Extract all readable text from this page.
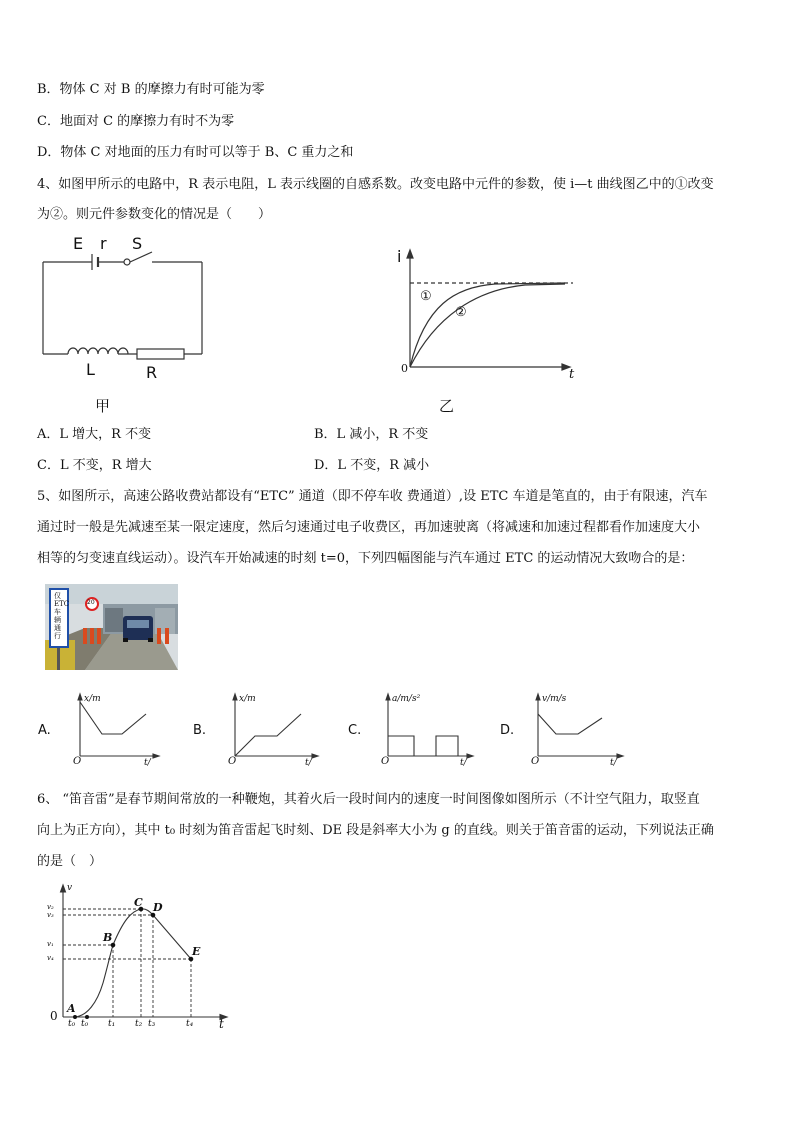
B．物体 C 对 B 的摩擦力有时可能为零
C．地面对 C 的摩擦力有时不为零
D．物体 C 对地面的压力有时可以等于 B、C 重力之和
4、如图甲所示的电路中，R 表示电阻，L 表示线圈的自感系数。改变电路中元件的参数，使 i—t 曲线图乙中的①改变
为②。则元件参数变化的情况是（　　）
E r S
L	R
甲
i
t
0
①
②
乙
A．L 增大，R 不变	B．L 减小，R 不变
C．L 不变，R 增大	D．L 不变，R 减小
5、如图所示，高速公路收费站都设有“ETC” 通道（即不停车收 费通道）,设 ETC 车道是笔直的，由于有限速，汽车
通过时一般是先减速至某一限定速度，然后匀速通过电子收费区，再加速驶离（将减速和加速过程都看作加速度大小
相等的匀变速直线运动）。设汽车开始减速的时刻 t=0，下列四幅图能与汽车通过 ETC 的运动情况大致吻合的是：
仅ETC车辆通行
20
A.
x/m
O	t/
B.
x/m
O	t/
C.
a/m/s²
O	t/
D.
v/m/s
O	t/
6、 “笛音雷”是春节期间常放的一种鞭炮，其着火后一段时间内的速度一时间图像如图所示（不计空气阻力，取竖直
向上为正方向），其中 t₀ 时刻为笛音雷起飞时刻、DE 段是斜率大小为 g 的直线。则关于笛音雷的运动，下列说法正确
的是（　）
v
t
0
A
B
C D
E
v₂
v₃
v₁
v₄
t₀ t₀ t₁ t₂ t₃	t₄
